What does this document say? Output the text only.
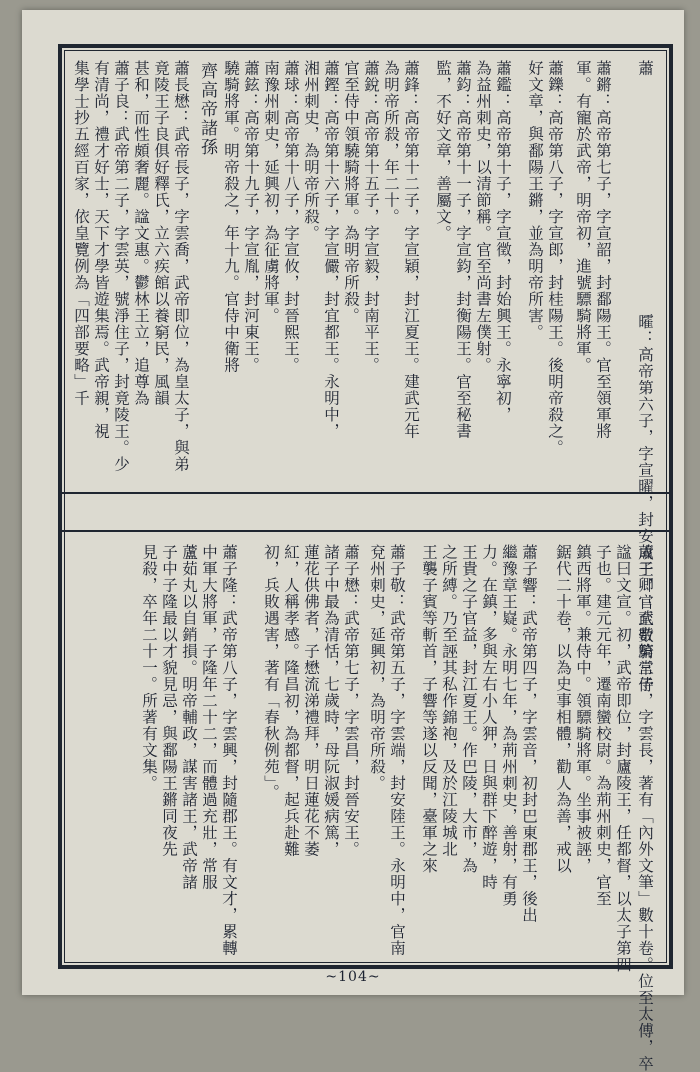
蕭　　　　　　　　　　　　　　 曤：高帝第六子，字宣曜，封安成王，官至數騎常侍
蕭鏘：高帝第七子，字宣韶，封鄱陽王。官至領軍將
軍。有寵於武帝，明帝初，進號驃騎將軍。
蕭鑠：高帝第八子，字宣郎，封桂陽王。後明帝殺之。
好文章，與鄱陽王鏘，並為明帝所害。
蕭鑑：高帝第十子，字宣徵，封始興王。永寧初，
為益州刺史，以清節稱。官至尚書左僕射。
蕭鈞：高帝第十一子，字宣鈞，封衡陽王。官至秘書
監，不好文章，善屬文。
蕭鋒：高帝第十二子，字宣穎，封江夏王。建武元年
為明帝所殺，年二十。
蕭銳：高帝第十五子，字宣毅，封南平王。
官至侍中領驍騎將軍。為明帝所殺。
蕭鏗：高帝第十六子，字宣儼，封宜都王。永明中，
湘州刺史，為明帝所殺。
蕭球：高帝第十八子，字宣攸，封晉熙王。
南豫州刺史，延興初，為征虜將軍。
蕭鉉：高帝第十九子，字宣胤，封河東王。
驍騎將軍。明帝殺之，年十九。官侍中衛將
齊高帝諸孫
蕭長懋：武帝長子，字雲喬，武帝即位，為皇太子，與弟
竟陵王子良俱好釋氏，立六疾館以養窮民，風韻
甚和，而性頗奢麗。諡文惠。鬱林王立，追尊為
蕭子良：武帝第二子，字雲英，號淨住子，封竟陵王。少
有清尚，禮才好士，天下才學皆遊集焉。武帝親，視
集學士抄五經百家，依皇覽例為「四部要略」千
蕭子卿：武帝第三子，字雲長，著有「內外文筆」數十卷。位至太傅，卒
諡曰文宣。初，武帝即位，封廬陵王，任都督，以太子第四
子也。建元元年，遷南蠻校尉。為荊州刺史，官至
鎮西將軍。兼侍中。領驃騎將軍。坐事被誣，
鋸代二十卷，以為史事相體，勸人為善，戒以
蕭子響：武帝第四子，字雲音，初封巴東郡王，後出
繼豫章王嶷。永明七年，為荊州刺史，善射，有勇
力。在鎮，多與左右小人狎，日與群下醉遊，時
王貴之子官益，封江夏王。作巴陵，大市，為
之所縛。乃至誣其私作錦袍，及於江陵城北
王襲子賓等斬首，子響等遂以反聞，臺軍之來
蕭子敬：武帝第五子，字雲端，封安陸王。永明中，官南
兗州刺史，延興初，為明帝所殺。
蕭子懋：武帝第七子，字雲昌，封晉安王。
諸子中最為清恬，七歲時，母阮淑媛病篤，
蓮花供佛者，子懋流涕禮拜，明日蓮花不萎
紅，人稱孝感。隆昌初，為都督，起兵赴難
初，兵敗遇害，著有「春秋例苑」。
蕭子隆：武帝第八子，字雲興，封隨郡王。有文才，累轉
中軍大將軍，子隆年二十二，而體過充壯，常服
蘆茹丸以自銷損。明帝輔政，謀害諸王，武帝諸
子中子隆最以才貌見忌，與鄱陽王鏘同夜先
見殺，卒年二十一。所著有文集。
~104~
